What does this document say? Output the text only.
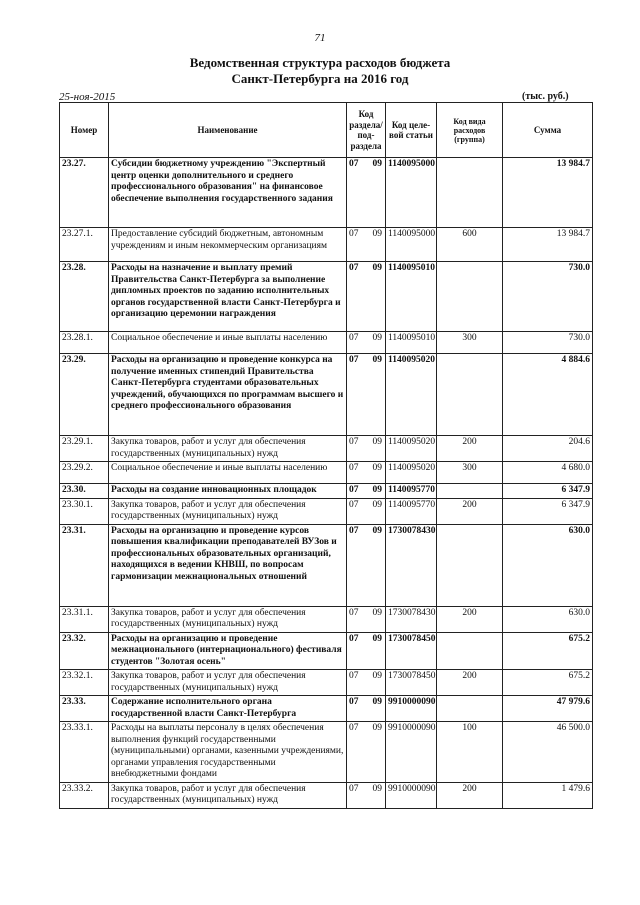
71
Ведомственная структура расходов бюджета
Санкт-Петербурга на 2016 год
25-ноя-2015	(тыс. руб.)
Номер	Наименование	Код раздела/ под-раздела	Код целе-вой статьи	Код вида расходов (группа)	Сумма
23.27.	Субсидии бюджетному учреждению "Экспертный центр оценки дополнительного и среднего профессионального образования" на финансовое обеспечение выполнения государственного задания	07 09	1140095000		13 984.7
23.27.1.	Предоставление субсидий бюджетным, автономным учреждениям и иным некоммерческим организациям	07 09	1140095000	600	13 984.7
23.28.	Расходы на назначение и выплату премий Правительства Санкт-Петербурга за выполнение дипломных проектов по заданию исполнительных органов государственной власти Санкт-Петербурга и организацию церемонии награждения	07 09	1140095010		730.0
23.28.1.	Социальное обеспечение и иные выплаты населению	07 09	1140095010	300	730.0
23.29.	Расходы на организацию и проведение конкурса на получение именных стипендий Правительства Санкт-Петербурга студентами образовательных учреждений, обучающихся по программам высшего и среднего профессионального образования	07 09	1140095020		4 884.6
23.29.1.	Закупка товаров, работ и услуг для обеспечения государственных (муниципальных) нужд	07 09	1140095020	200	204.6
23.29.2.	Социальное обеспечение и иные выплаты населению	07 09	1140095020	300	4 680.0
23.30.	Расходы на создание инновационных площадок	07 09	1140095770		6 347.9
23.30.1.	Закупка товаров, работ и услуг для обеспечения государственных (муниципальных) нужд	07 09	1140095770	200	6 347.9
23.31.	Расходы на организацию и проведение курсов повышения квалификации преподавателей ВУЗов и профессиональных образовательных организаций, находящихся в ведении КНВШ, по вопросам гармонизации межнациональных отношений	07 09	1730078430		630.0
23.31.1.	Закупка товаров, работ и услуг для обеспечения государственных (муниципальных) нужд	07 09	1730078430	200	630.0
23.32.	Расходы на организацию и проведение межнационального (интернационального) фестиваля студентов "Золотая осень"	07 09	1730078450		675.2
23.32.1.	Закупка товаров, работ и услуг для обеспечения государственных (муниципальных) нужд	07 09	1730078450	200	675.2
23.33.	Содержание исполнительного органа государственной власти Санкт-Петербурга	07 09	9910000090		47 979.6
23.33.1.	Расходы на выплаты персоналу в целях обеспечения выполнения функций государственными (муниципальными) органами, казенными учреждениями, органами управления государственными внебюджетными фондами	07 09	9910000090	100	46 500.0
23.33.2.	Закупка товаров, работ и услуг для обеспечения государственных (муниципальных) нужд	07 09	9910000090	200	1 479.6
